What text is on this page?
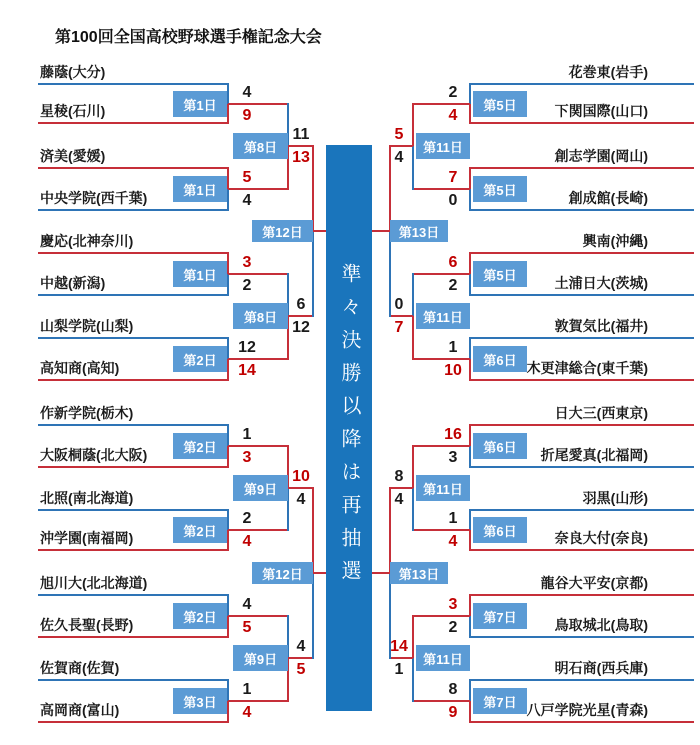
第100回全国高校野球選手権記念大会
藤蔭(大分)
星稜(石川)
済美(愛媛)
中央学院(西千葉)
慶応(北神奈川)
中越(新潟)
山梨学院(山梨)
高知商(高知)
作新学院(栃木)
大阪桐蔭(北大阪)
北照(南北海道)
沖学園(南福岡)
旭川大(北北海道)
佐久長聖(長野)
佐賀商(佐賀)
高岡商(富山)
花巻東(岩手)
下関国際(山口)
創志学園(岡山)
創成館(長崎)
興南(沖縄)
土浦日大(茨城)
敦賀気比(福井)
木更津総合(東千葉)
日大三(西東京)
折尾愛真(北福岡)
羽黒(山形)
奈良大付(奈良)
龍谷大平安(京都)
鳥取城北(鳥取)
明石商(西兵庫)
八戸学院光星(青森)
第1日
第1日
第1日
第2日
第2日
第2日
第2日
第3日
第8日
第8日
第9日
第9日
第12日
第12日
第5日
第5日
第5日
第6日
第6日
第6日
第7日
第7日
第11日
第11日
第11日
第11日
第13日
第13日
4
9
5
4
3
2
12
14
1
3
2
4
4
5
1
4
11
13
6
12
10
4
4
5
2
4
7
0
6
2
1
10
16
3
1
4
3
2
8
9
5
4
0
7
8
4
14
1
準々決勝以降は再抽選
